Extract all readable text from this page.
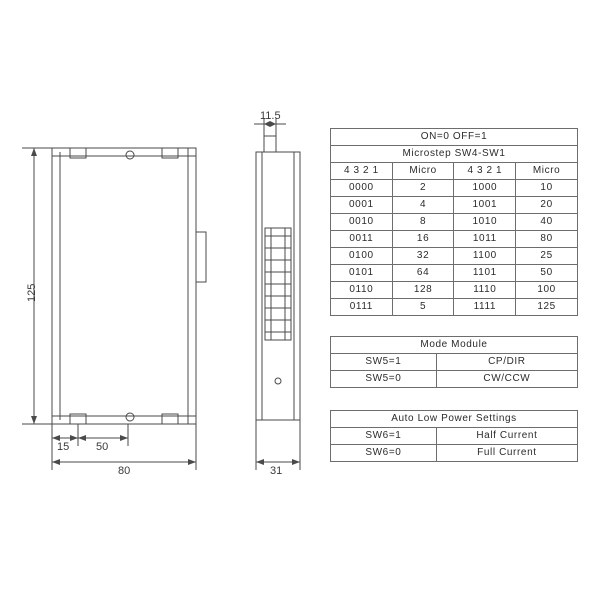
125
15 50
80
11.5
31
ON=0 OFF=1			
Microstep SW4-SW1			
4 3 2 1	Micro	4 3 2 1	Micro
0000	2	1000	10
0001	4	1001	20
0010	8	1010	40
0011	16	1011	80
0100	32	1100	25
0101	64	1101	50
0110	128	1110	100
0111	5	1111	125
Mode Module	
SW5=1	CP/DIR
SW5=0	CW/CCW
Auto Low Power Settings	
SW6=1	Half Current
SW6=0	Full Current
